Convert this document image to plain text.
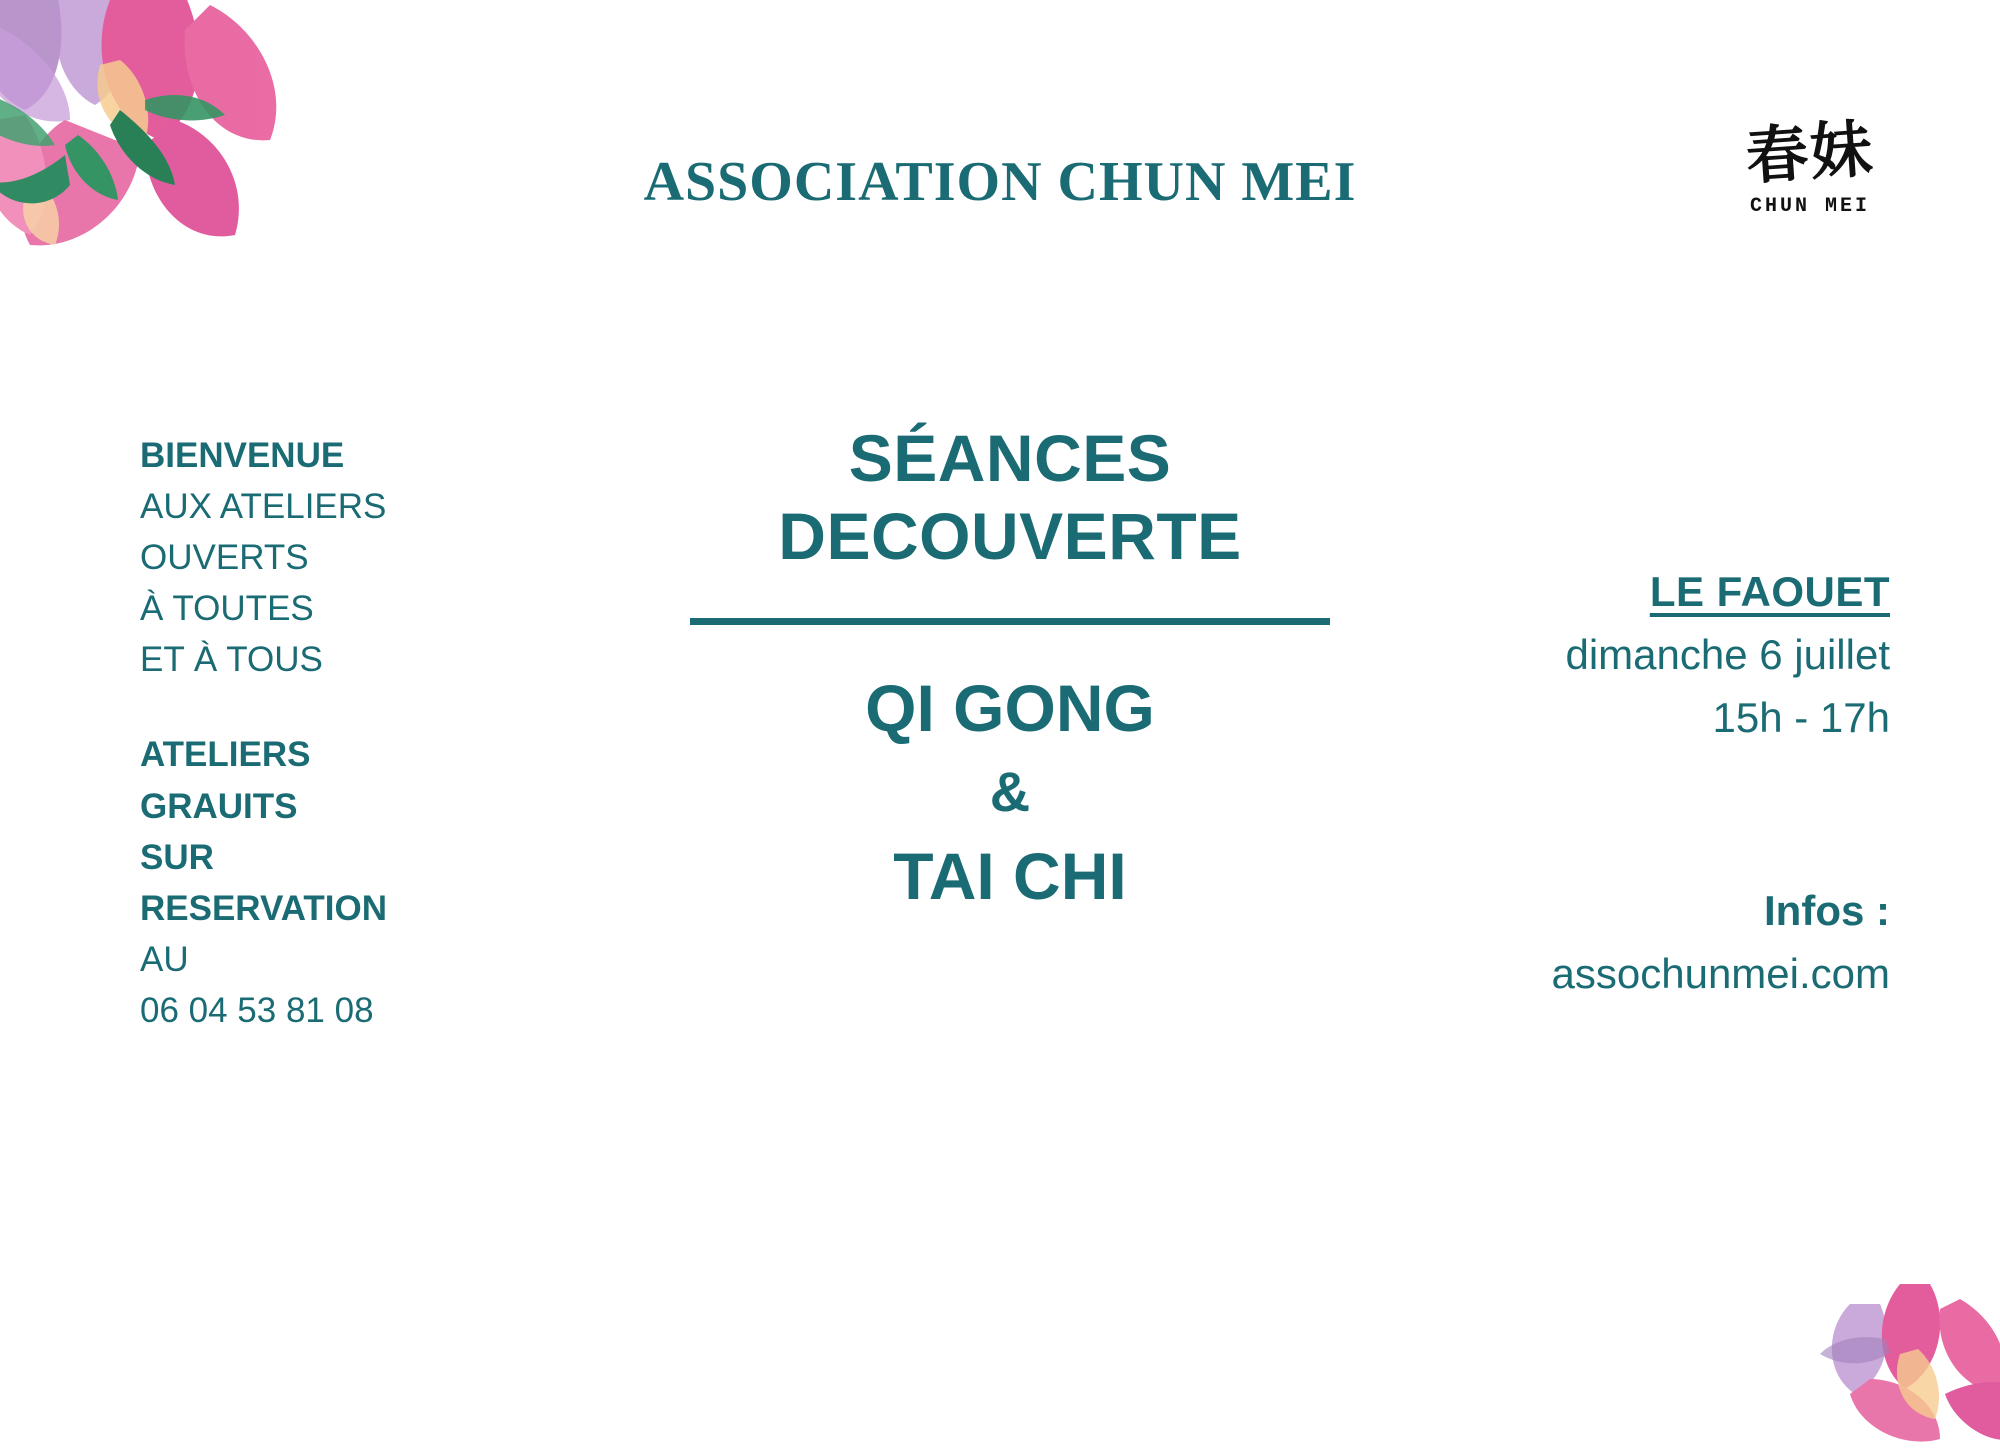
ASSOCIATION CHUN MEI	春妹
CHUN MEI
BIENVENUE
AUX ATELIERS
OUVERTS
À TOUTES
ET À TOUS
ATELIERS
GRAUITS
SUR
RESERVATION
AU
06 04 53 81 08
SÉANCES
DECOUVERTE
QI GONG
&
TAI CHI
LE FAOUET
dimanche 6 juillet
15h - 17h
Infos :
assochunmei.com
